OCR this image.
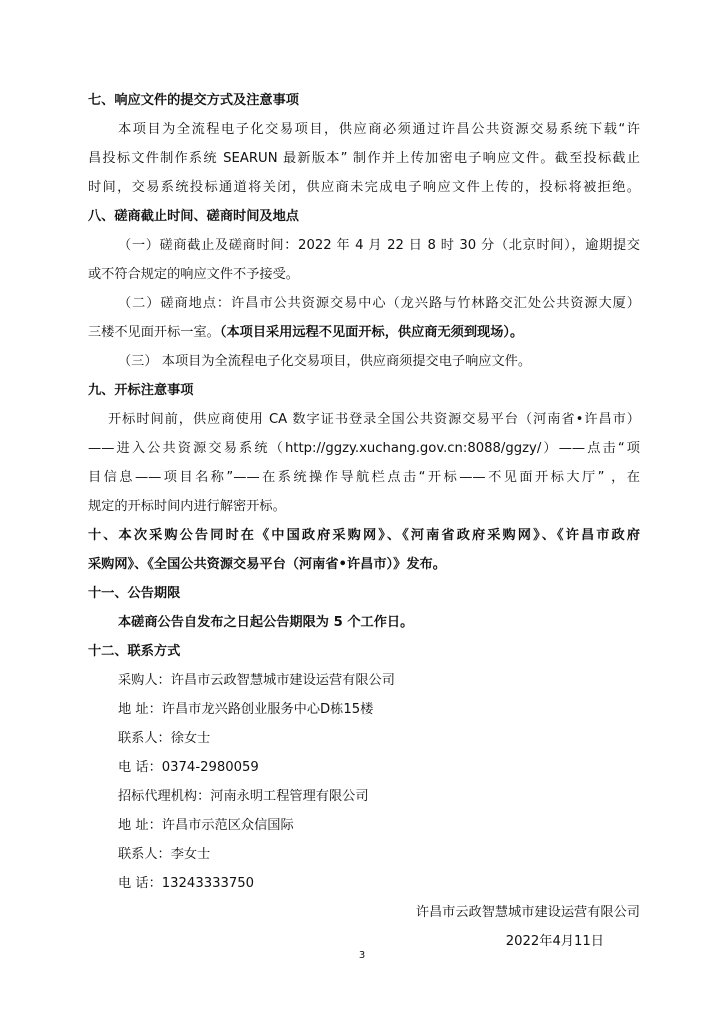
七、响应文件的提交方式及注意事项
本项目为全流程电子化交易项目，供应商必须通过许昌公共资源交易系统下载“许
昌投标文件制作系统 SEARUN 最新版本” 制作并上传加密电子响应文件。截至投标截止
时间，交易系统投标通道将关闭，供应商未完成电子响应文件上传的，投标将被拒绝。
八、磋商截止时间、磋商时间及地点
（一）磋商截止及磋商时间：2022 年 4 月 22 日 8 时 30 分（北京时间），逾期提交
或不符合规定的响应文件不予接受。
（二）磋商地点：许昌市公共资源交易中心（龙兴路与竹林路交汇处公共资源大厦）
三楼不见面开标一室。（本项目采用远程不见面开标，供应商无须到现场）。
（三） 本项目为全流程电子化交易项目，供应商须提交电子响应文件。
九、开标注意事项
开标时间前，供应商使用 CA 数字证书登录全国公共资源交易平台（河南省•许昌市）
——进入公共资源交易系统（http://ggzy.xuchang.gov.cn:8088/ggzy/）——点击“项
目信息——项目名称”——在系统操作导航栏点击“开标——不见面开标大厅” ，在
规定的开标时间内进行解密开标。
十、本次采购公告同时在《中国政府采购网》、《河南省政府采购网》、《许昌市政府
采购网》、《全国公共资源交易平台（河南省•许昌市）》发布。
十一、公告期限
本磋商公告自发布之日起公告期限为 5 个工作日。
十二、联系方式
采购人：许昌市云政智慧城市建设运营有限公司
地 址：许昌市龙兴路创业服务中心D栋15楼
联系人：徐女士
电 话：0374-2980059
招标代理机构：河南永明工程管理有限公司
地 址：许昌市示范区众信国际
联系人：李女士
电 话：13243333750
许昌市云政智慧城市建设运营有限公司
2022年4月11日
3
